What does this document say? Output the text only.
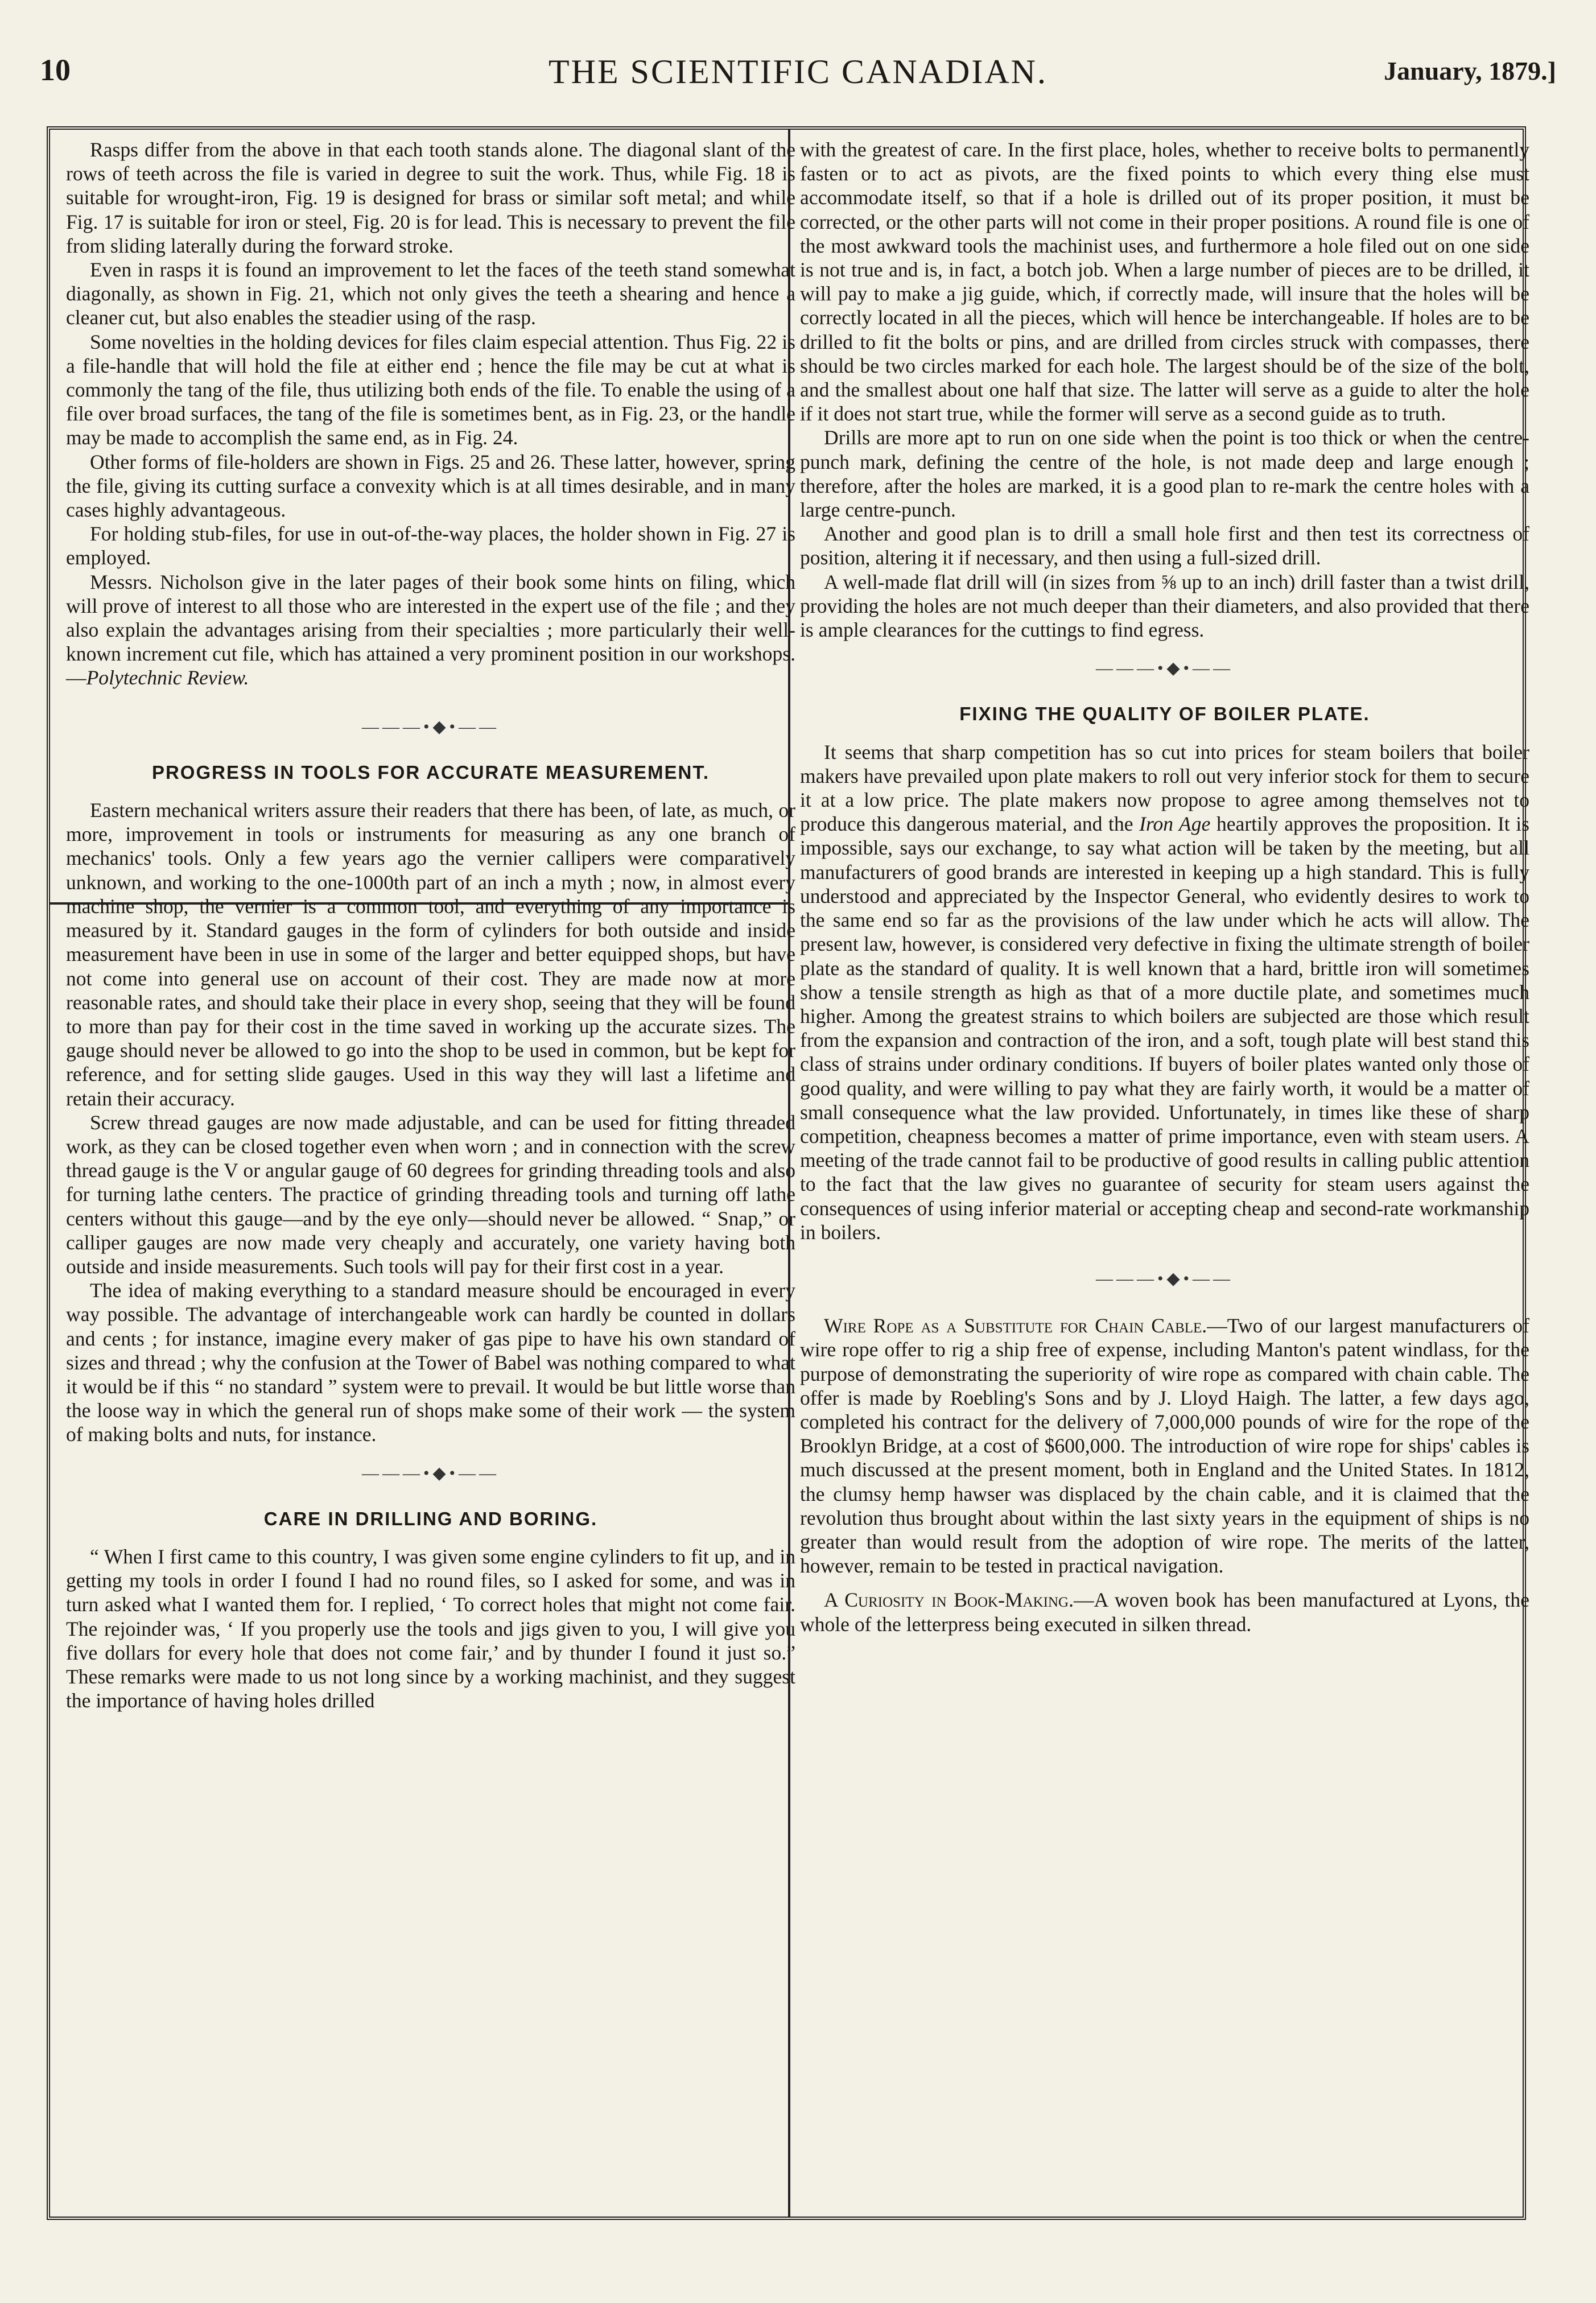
10	THE SCIENTIFIC CANADIAN.	January, 1879.]

Rasps differ from the above in that each tooth stands alone. The diagonal slant of the rows of teeth across the file is varied in degree to suit the work. Thus, while Fig. 18 is suitable for wrought-iron, Fig. 19 is designed for brass or similar soft metal; and while Fig. 17 is suitable for iron or steel, Fig. 20 is for lead. This is necessary to prevent the file from sliding laterally during the forward stroke.

Even in rasps it is found an improvement to let the faces of the teeth stand somewhat diagonally, as shown in Fig. 21, which not only gives the teeth a shearing and hence a cleaner cut, but also enables the steadier using of the rasp.

Some novelties in the holding devices for files claim especial attention. Thus Fig. 22 is a file-handle that will hold the file at either end ; hence the file may be cut at what is commonly the tang of the file, thus utilizing both ends of the file. To enable the using of a file over broad surfaces, the tang of the file is sometimes bent, as in Fig. 23, or the handle may be made to accomplish the same end, as in Fig. 24.

Other forms of file-holders are shown in Figs. 25 and 26. These latter, however, spring the file, giving its cutting surface a convexity which is at all times desirable, and in many cases highly advantageous.

For holding stub-files, for use in out-of-the-way places, the holder shown in Fig. 27 is employed.

Messrs. Nicholson give in the later pages of their book some hints on filing, which will prove of interest to all those who are interested in the expert use of the file ; and they also explain the advantages arising from their specialties ; more particularly their well-known increment cut file, which has attained a very prominent position in our workshops.—Polytechnic Review.

———•◆•——
PROGRESS IN TOOLS FOR ACCURATE MEASUREMENT.

Eastern mechanical writers assure their readers that there has been, of late, as much, or more, improvement in tools or instruments for measuring as any one branch of mechanics' tools. Only a few years ago the vernier callipers were comparatively unknown, and working to the one-1000th part of an inch a myth ; now, in almost every machine shop, the vernier is a common tool, and everything of any importance is measured by it. Standard gauges in the form of cylinders for both outside and inside measurement have been in use in some of the larger and better equipped shops, but have not come into general use on account of their cost. They are made now at more reasonable rates, and should take their place in every shop, seeing that they will be found to more than pay for their cost in the time saved in working up the accurate sizes. The gauge should never be allowed to go into the shop to be used in common, but be kept for reference, and for setting slide gauges. Used in this way they will last a lifetime and retain their accuracy.

Screw thread gauges are now made adjustable, and can be used for fitting threaded work, as they can be closed together even when worn ; and in connection with the screw thread gauge is the V or angular gauge of 60 degrees for grinding threading tools and also for turning lathe centers. The practice of grinding threading tools and turning off lathe centers without this gauge—and by the eye only—should never be allowed. “ Snap,” or calliper gauges are now made very cheaply and accurately, one variety having both outside and inside measurements. Such tools will pay for their first cost in a year.

The idea of making everything to a standard measure should be encouraged in every way possible. The advantage of interchangeable work can hardly be counted in dollars and cents ; for instance, imagine every maker of gas pipe to have his own standard of sizes and thread ; why the confusion at the Tower of Babel was nothing compared to what it would be if this “ no standard ” system were to prevail. It would be but little worse than the loose way in which the general run of shops make some of their work — the system of making bolts and nuts, for instance.

———•◆•——
CARE IN DRILLING AND BORING.

“ When I first came to this country, I was given some engine cylinders to fit up, and in getting my tools in order I found I had no round files, so I asked for some, and was in turn asked what I wanted them for. I replied, ‘ To correct holes that might not come fair. The rejoinder was, ‘ If you properly use the tools and jigs given to you, I will give you five dollars for every hole that does not come fair,’ and by thunder I found it just so.” These remarks were made to us not long since by a working machinist, and they suggest the importance of having holes drilled

with the greatest of care. In the first place, holes, whether to receive bolts to permanently fasten or to act as pivots, are the fixed points to which every thing else must accommodate itself, so that if a hole is drilled out of its proper position, it must be corrected, or the other parts will not come in their proper positions. A round file is one of the most awkward tools the machinist uses, and furthermore a hole filed out on one side is not true and is, in fact, a botch job. When a large number of pieces are to be drilled, it will pay to make a jig guide, which, if correctly made, will insure that the holes will be correctly located in all the pieces, which will hence be interchangeable. If holes are to be drilled to fit the bolts or pins, and are drilled from circles struck with compasses, there should be two circles marked for each hole. The largest should be of the size of the bolt, and the smallest about one half that size. The latter will serve as a guide to alter the hole if it does not start true, while the former will serve as a second guide as to truth.

Drills are more apt to run on one side when the point is too thick or when the centre-punch mark, defining the centre of the hole, is not made deep and large enough ; therefore, after the holes are marked, it is a good plan to re-mark the centre holes with a large centre-punch.

Another and good plan is to drill a small hole first and then test its correctness of position, altering it if necessary, and then using a full-sized drill.

A well-made flat drill will (in sizes from ⅝ up to an inch) drill faster than a twist drill, providing the holes are not much deeper than their diameters, and also provided that there is ample clearances for the cuttings to find egress.

———•◆•——
FIXING THE QUALITY OF BOILER PLATE.

It seems that sharp competition has so cut into prices for steam boilers that boiler makers have prevailed upon plate makers to roll out very inferior stock for them to secure it at a low price. The plate makers now propose to agree among themselves not to produce this dangerous material, and the Iron Age heartily approves the proposition. It is impossible, says our exchange, to say what action will be taken by the meeting, but all manufacturers of good brands are interested in keeping up a high standard. This is fully understood and appreciated by the Inspector General, who evidently desires to work to the same end so far as the provisions of the law under which he acts will allow. The present law, however, is considered very defective in fixing the ultimate strength of boiler plate as the standard of quality. It is well known that a hard, brittle iron will sometimes show a tensile strength as high as that of a more ductile plate, and sometimes much higher. Among the greatest strains to which boilers are subjected are those which result from the expansion and contraction of the iron, and a soft, tough plate will best stand this class of strains under ordinary conditions. If buyers of boiler plates wanted only those of good quality, and were willing to pay what they are fairly worth, it would be a matter of small consequence what the law provided. Unfortunately, in times like these of sharp competition, cheapness becomes a matter of prime importance, even with steam users. A meeting of the trade cannot fail to be productive of good results in calling public attention to the fact that the law gives no guarantee of security for steam users against the consequences of using inferior material or accepting cheap and second-rate workmanship in boilers.

———•◆•——

Wire Rope as a Substitute for Chain Cable.—Two of our largest manufacturers of wire rope offer to rig a ship free of expense, including Manton's patent windlass, for the purpose of demonstrating the superiority of wire rope as compared with chain cable. The offer is made by Roebling's Sons and by J. Lloyd Haigh. The latter, a few days ago, completed his contract for the delivery of 7,000,000 pounds of wire for the rope of the Brooklyn Bridge, at a cost of $600,000. The introduction of wire rope for ships' cables is much discussed at the present moment, both in England and the United States. In 1812, the clumsy hemp hawser was displaced by the chain cable, and it is claimed that the revolution thus brought about within the last sixty years in the equipment of ships is no greater than would result from the adoption of wire rope. The merits of the latter, however, remain to be tested in practical navigation.

A Curiosity in Book-Making.—A woven book has been manufactured at Lyons, the whole of the letterpress being executed in silken thread.
